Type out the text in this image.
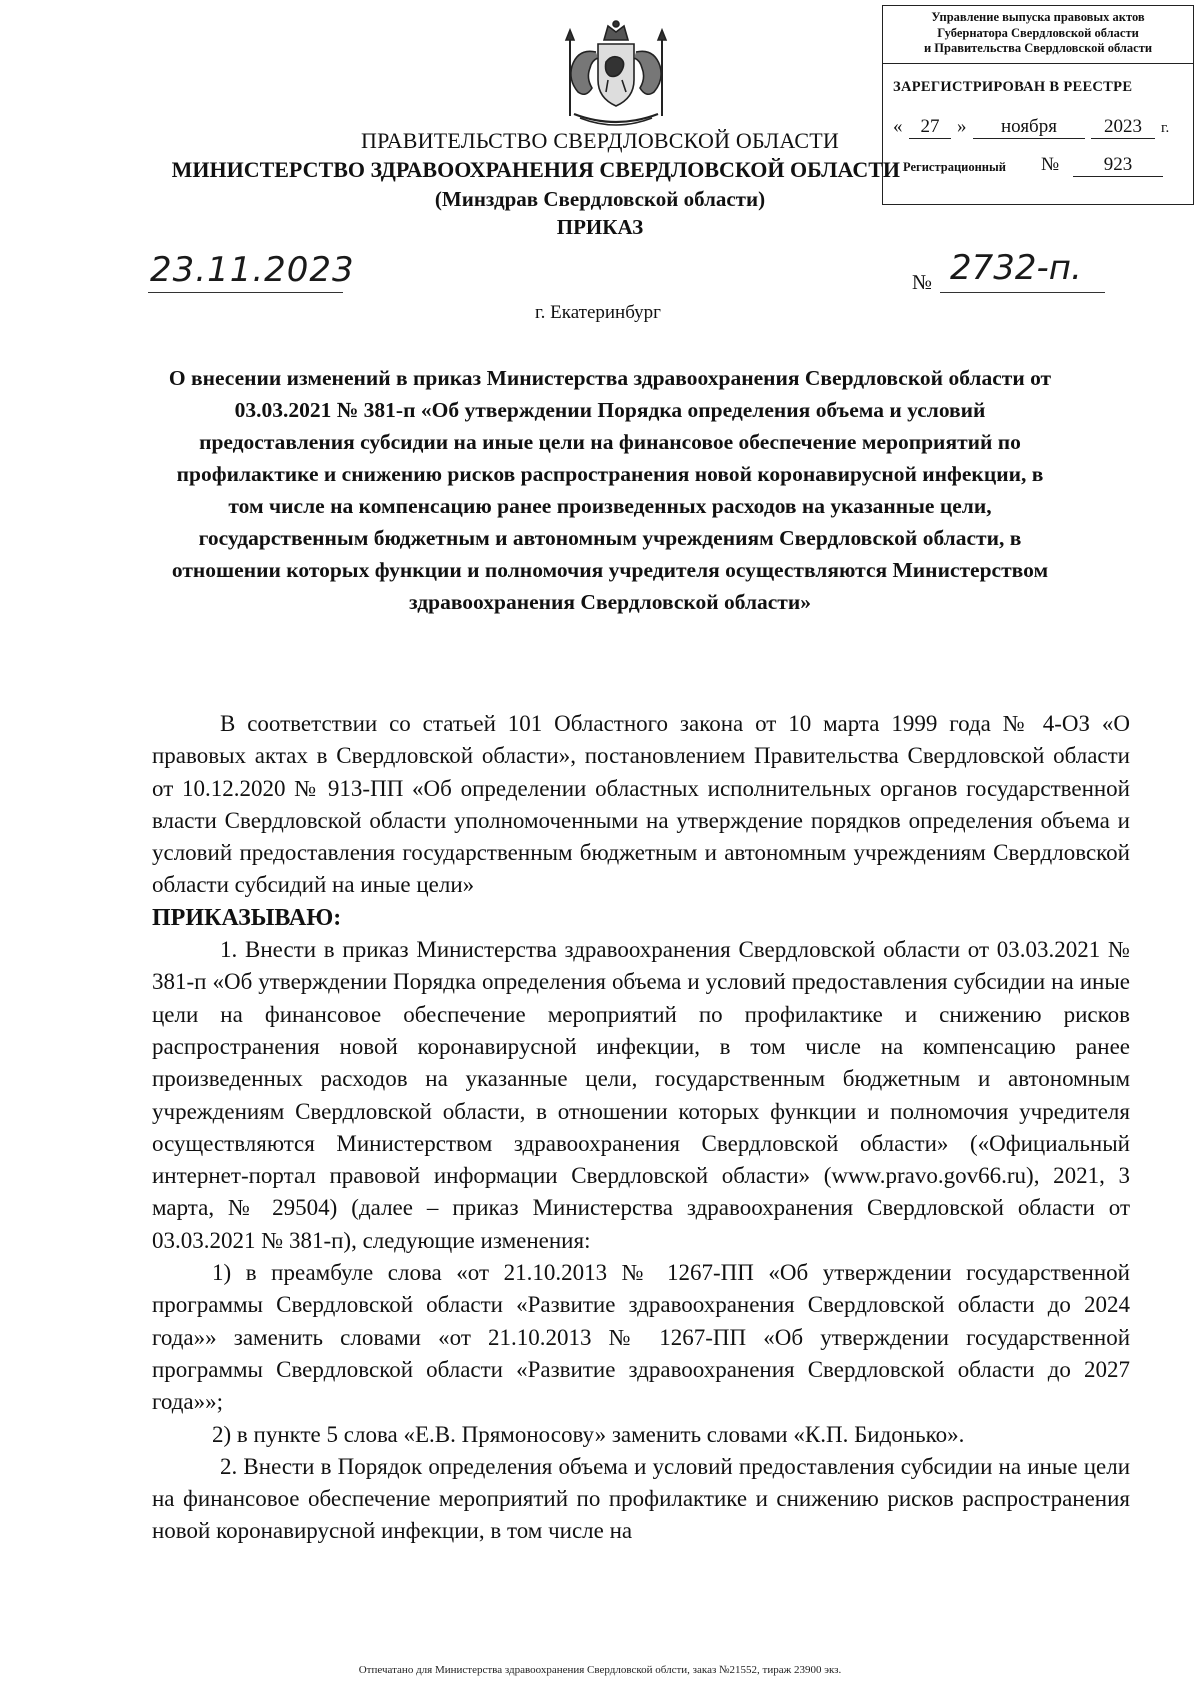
Управление выпуска правовых актов
Губернатора Свердловской области
и Правительства Свердловской области
ЗАРЕГИСТРИРОВАН В РЕЕСТРЕ
« 27 »	ноября	2023	г.
Регистрационный №	923
ПРАВИТЕЛЬСТВО СВЕРДЛОВСКОЙ ОБЛАСТИ
МИНИСТЕРСТВО ЗДРАВООХРАНЕНИЯ СВЕРДЛОВСКОЙ ОБЛАСТИ
(Минздрав Свердловской области)
ПРИКАЗ
23.11.2023	№ 2732-п.
г. Екатеринбург
О внесении изменений в приказ Министерства здравоохранения Свердловской области от 03.03.2021 № 381-п «Об утверждении Порядка определения объема и условий предоставления субсидии на иные цели на финансовое обеспечение мероприятий по профилактике и снижению рисков распространения новой коронавирусной инфекции, в том числе на компенсацию ранее произведенных расходов на указанные цели, государственным бюджетным и автономным учреждениям Свердловской области, в отношении которых функции и полномочия учредителя осуществляются Министерством здравоохранения Свердловской области»

В соответствии со статьей 101 Областного закона от 10 марта 1999 года № 4-ОЗ «О правовых актах в Свердловской области», постановлением Правительства Свердловской области от 10.12.2020 № 913-ПП «Об определении областных исполнительных органов государственной власти Свердловской области уполномоченными на утверждение порядков определения объема и условий предоставления государственным бюджетным и автономным учреждениям Свердловской области субсидий на иные цели»

ПРИКАЗЫВАЮ:

1. Внести в приказ Министерства здравоохранения Свердловской области от 03.03.2021 № 381-п «Об утверждении Порядка определения объема и условий предоставления субсидии на иные цели на финансовое обеспечение мероприятий по профилактике и снижению рисков распространения новой коронавирусной инфекции, в том числе на компенсацию ранее произведенных расходов на указанные цели, государственным бюджетным и автономным учреждениям Свердловской области, в отношении которых функции и полномочия учредителя осуществляются Министерством здравоохранения Свердловской области» («Официальный интернет-портал правовой информации Свердловской области» (www.pravo.gov66.ru), 2021, 3 марта, № 29504) (далее – приказ Министерства здравоохранения Свердловской области от 03.03.2021 № 381-п), следующие изменения:

1) в преамбуле слова «от 21.10.2013 № 1267-ПП «Об утверждении государственной программы Свердловской области «Развитие здравоохранения Свердловской области до 2024 года»» заменить словами «от 21.10.2013 № 1267-ПП «Об утверждении государственной программы Свердловской области «Развитие здравоохранения Свердловской области до 2027 года»»;

2) в пункте 5 слова «Е.В. Прямоносову» заменить словами «К.П. Бидонько».

2. Внести в Порядок определения объема и условий предоставления субсидии на иные цели на финансовое обеспечение мероприятий по профилактике и снижению рисков распространения новой коронавирусной инфекции, в том числе на

Отпечатано для Министерства здравоохранения Свердловской облсти, заказ №21552, тираж 23900 экз.
